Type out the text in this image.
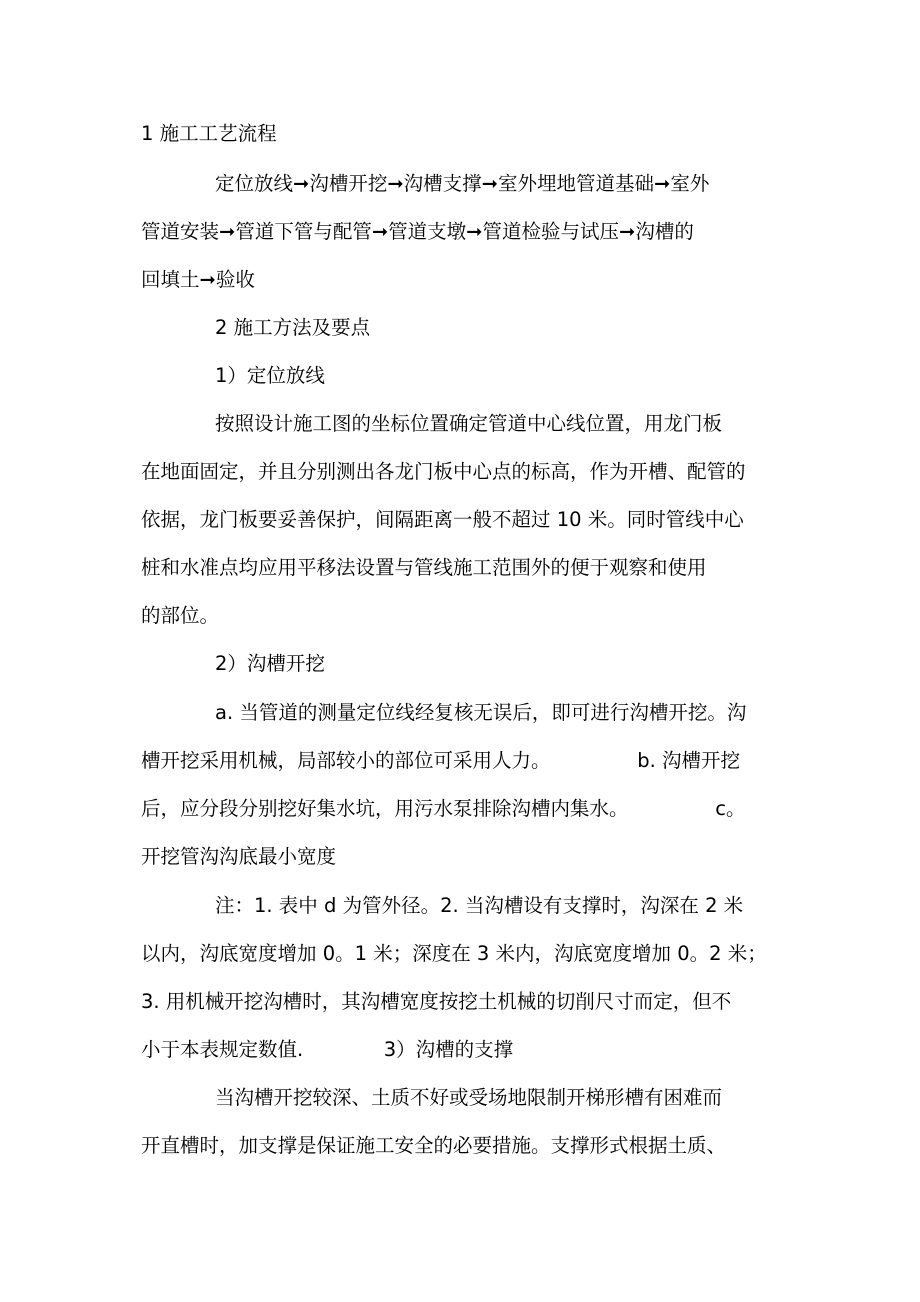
1 施工工艺流程
定位放线➞沟槽开挖➞沟槽支撑➞室外埋地管道基础➞室外
管道安装➞管道下管与配管➞管道支墩➞管道检验与试压➞沟槽的
回填土➞验收
2 施工方法及要点
1）定位放线
按照设计施工图的坐标位置确定管道中心线位置，用龙门板
在地面固定，并且分别测出各龙门板中心点的标高，作为开槽、配管的
依据，龙门板要妥善保护，间隔距离一般不超过 10 米。同时管线中心
桩和水准点均应用平移法设置与管线施工范围外的便于观察和使用
的部位。
2）沟槽开挖
a. 当管道的测量定位线经复核无误后，即可进行沟槽开挖。沟
槽开挖采用机械，局部较小的部位可采用人力。              b. 沟槽开挖
后，应分段分别挖好集水坑，用污水泵排除沟槽内集水。              c。
开挖管沟沟底最小宽度
注：1. 表中 d 为管外径。2. 当沟槽设有支撑时，沟深在 2 米
以内，沟底宽度增加 0。1 米；深度在 3 米内，沟底宽度增加 0。2 米；
3. 用机械开挖沟槽时，其沟槽宽度按挖土机械的切削尺寸而定，但不
小于本表规定数值.             3）沟槽的支撑
当沟槽开挖较深、土质不好或受场地限制开梯形槽有困难而
开直槽时，加支撑是保证施工安全的必要措施。支撑形式根据土质、
